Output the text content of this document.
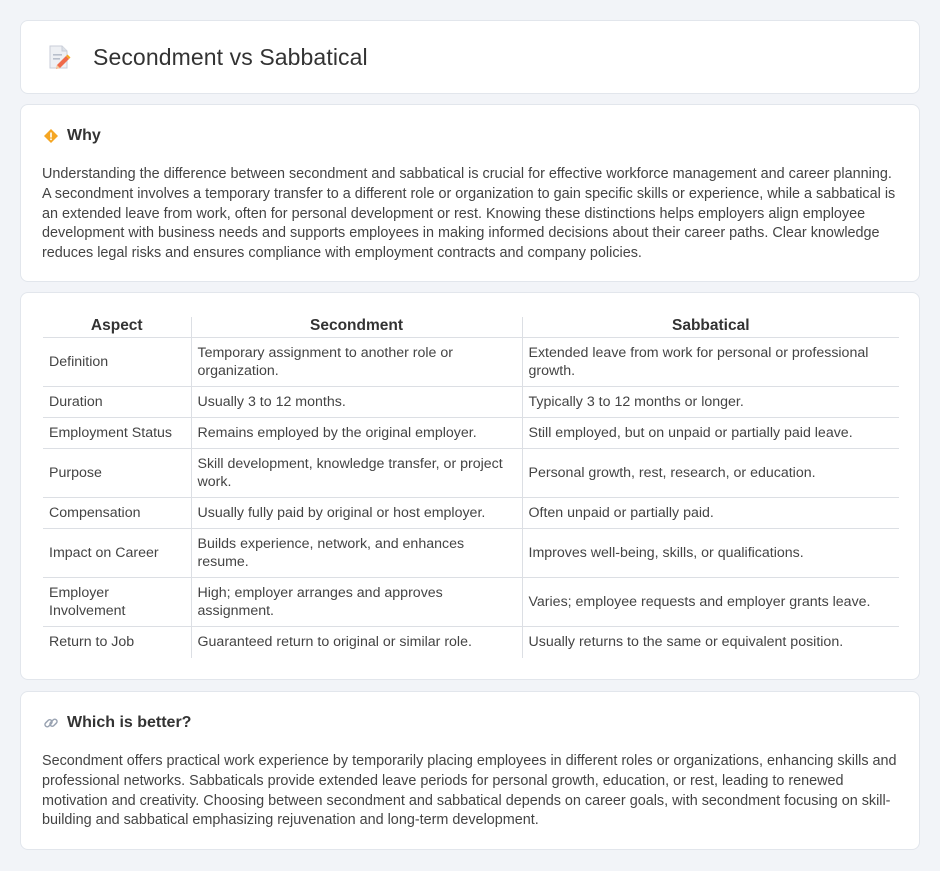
Secondment vs Sabbatical
Why

Understanding the difference between secondment and sabbatical is crucial for effective workforce management and career planning. A secondment involves a temporary transfer to a different role or organization to gain specific skills or experience, while a sabbatical is an extended leave from work, often for personal development or rest. Knowing these distinctions helps employers align employee development with business needs and supports employees in making informed decisions about their career paths. Clear knowledge reduces legal risks and ensures compliance with employment contracts and company policies.

Aspect	Secondment	Sabbatical
Definition	Temporary assignment to another role or organization.	Extended leave from work for personal or professional growth.
Duration	Usually 3 to 12 months.	Typically 3 to 12 months or longer.
Employment Status	Remains employed by the original employer.	Still employed, but on unpaid or partially paid leave.
Purpose	Skill development, knowledge transfer, or project work.	Personal growth, rest, research, or education.
Compensation	Usually fully paid by original or host employer.	Often unpaid or partially paid.
Impact on Career	Builds experience, network, and enhances resume.	Improves well-being, skills, or qualifications.
Employer Involvement	High; employer arranges and approves assignment.	Varies; employee requests and employer grants leave.
Return to Job	Guaranteed return to original or similar role.	Usually returns to the same or equivalent position.
Which is better?

Secondment offers practical work experience by temporarily placing employees in different roles or organizations, enhancing skills and professional networks. Sabbaticals provide extended leave periods for personal growth, education, or rest, leading to renewed motivation and creativity. Choosing between secondment and sabbatical depends on career goals, with secondment focusing on skill-building and sabbatical emphasizing rejuvenation and long-term development.
